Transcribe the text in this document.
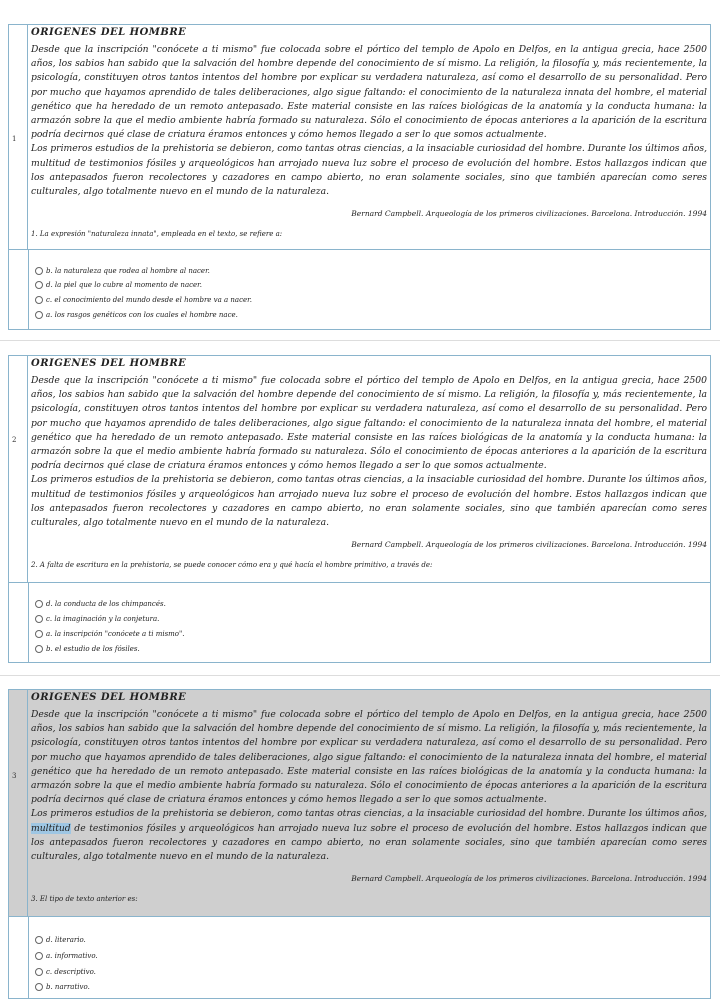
1
ORIGENES DEL HOMBRE

Desde que la inscripción "conócete a ti mismo" fue colocada sobre el pórtico del templo de Apolo en Delfos, en la antigua grecia, hace 2500 años, los sabios han sabido que la salvación del hombre depende del conocimiento de sí mismo. La religión, la filosofía y, más recientemente, la psicología, constituyen otros tantos intentos del hombre por explicar su verdadera naturaleza, así como el desarrollo de su personalidad. Pero por mucho que hayamos aprendido de tales deliberaciones, algo sigue faltando: el conocimiento de la naturaleza innata del hombre, el material genético que ha heredado de un remoto antepasado. Este material consiste en las raíces biológicas de la anatomía y la conducta humana: la armazón sobre la que el medio ambiente habría formado su naturaleza. Sólo el conocimiento de épocas anteriores a la aparición de la escritura podría decirnos qué clase de criatura éramos entonces y cómo hemos llegado a ser lo que somos actualmente.

Los primeros estudios de la prehistoria se debieron, como tantas otras ciencias, a la insaciable curiosidad del hombre. Durante los últimos años, multitud de testimonios fósiles y arqueológicos han arrojado nueva luz sobre el proceso de evolución del hombre. Estos hallazgos indican que los antepasados fueron recolectores y cazadores en campo abierto, no eran solamente sociales, sino que también aparecían como seres culturales, algo totalmente nuevo en el mundo de la naturaleza.

Bernard Campbell. Arqueología de los primeros civilizaciones. Barcelona. Introducción. 1994
1. La expresión "naturaleza innata", empleada en el texto, se refiere a:
b. la naturaleza que rodea al hombre al nacer.
d. la piel que lo cubre al momento de nacer.
c. el conocimiento del mundo desde el hombre va a nacer.
a. los rasgos genéticos con los cuales el hombre nace.
2
ORIGENES DEL HOMBRE

Desde que la inscripción "conócete a ti mismo" fue colocada sobre el pórtico del templo de Apolo en Delfos, en la antigua grecia, hace 2500 años, los sabios han sabido que la salvación del hombre depende del conocimiento de sí mismo. La religión, la filosofía y, más recientemente, la psicología, constituyen otros tantos intentos del hombre por explicar su verdadera naturaleza, así como el desarrollo de su personalidad. Pero por mucho que hayamos aprendido de tales deliberaciones, algo sigue faltando: el conocimiento de la naturaleza innata del hombre, el material genético que ha heredado de un remoto antepasado. Este material consiste en las raíces biológicas de la anatomía y la conducta humana: la armazón sobre la que el medio ambiente habría formado su naturaleza. Sólo el conocimiento de épocas anteriores a la aparición de la escritura podría decirnos qué clase de criatura éramos entonces y cómo hemos llegado a ser lo que somos actualmente.

Los primeros estudios de la prehistoria se debieron, como tantas otras ciencias, a la insaciable curiosidad del hombre. Durante los últimos años, multitud de testimonios fósiles y arqueológicos han arrojado nueva luz sobre el proceso de evolución del hombre. Estos hallazgos indican que los antepasados fueron recolectores y cazadores en campo abierto, no eran solamente sociales, sino que también aparecían como seres culturales, algo totalmente nuevo en el mundo de la naturaleza.

Bernard Campbell. Arqueología de los primeros civilizaciones. Barcelona. Introducción. 1994
2. A falta de escritura en la prehistoria, se puede conocer cómo era y qué hacía el hombre primitivo, a través de:
d. la conducta de los chimpancés.
c. la imaginación y la conjetura.
a. la inscripción "conócete a ti mismo".
b. el estudio de los fósiles.
3
ORIGENES DEL HOMBRE

Desde que la inscripción "conócete a ti mismo" fue colocada sobre el pórtico del templo de Apolo en Delfos, en la antigua grecia, hace 2500 años, los sabios han sabido que la salvación del hombre depende del conocimiento de sí mismo. La religión, la filosofía y, más recientemente, la psicología, constituyen otros tantos intentos del hombre por explicar su verdadera naturaleza, así como el desarrollo de su personalidad. Pero por mucho que hayamos aprendido de tales deliberaciones, algo sigue faltando: el conocimiento de la naturaleza innata del hombre, el material genético que ha heredado de un remoto antepasado. Este material consiste en las raíces biológicas de la anatomía y la conducta humana: la armazón sobre la que el medio ambiente habría formado su naturaleza. Sólo el conocimiento de épocas anteriores a la aparición de la escritura podría decirnos qué clase de criatura éramos entonces y cómo hemos llegado a ser lo que somos actualmente.

Los primeros estudios de la prehistoria se debieron, como tantas otras ciencias, a la insaciable curiosidad del hombre. Durante los últimos años, multitud de testimonios fósiles y arqueológicos han arrojado nueva luz sobre el proceso de evolución del hombre. Estos hallazgos indican que los antepasados fueron recolectores y cazadores en campo abierto, no eran solamente sociales, sino que también aparecían como seres culturales, algo totalmente nuevo en el mundo de la naturaleza.

Bernard Campbell. Arqueología de los primeros civilizaciones. Barcelona. Introducción. 1994
3. El tipo de texto anterior es:
d. literario.
a. informativo.
c. descriptivo.
b. narrativo.
